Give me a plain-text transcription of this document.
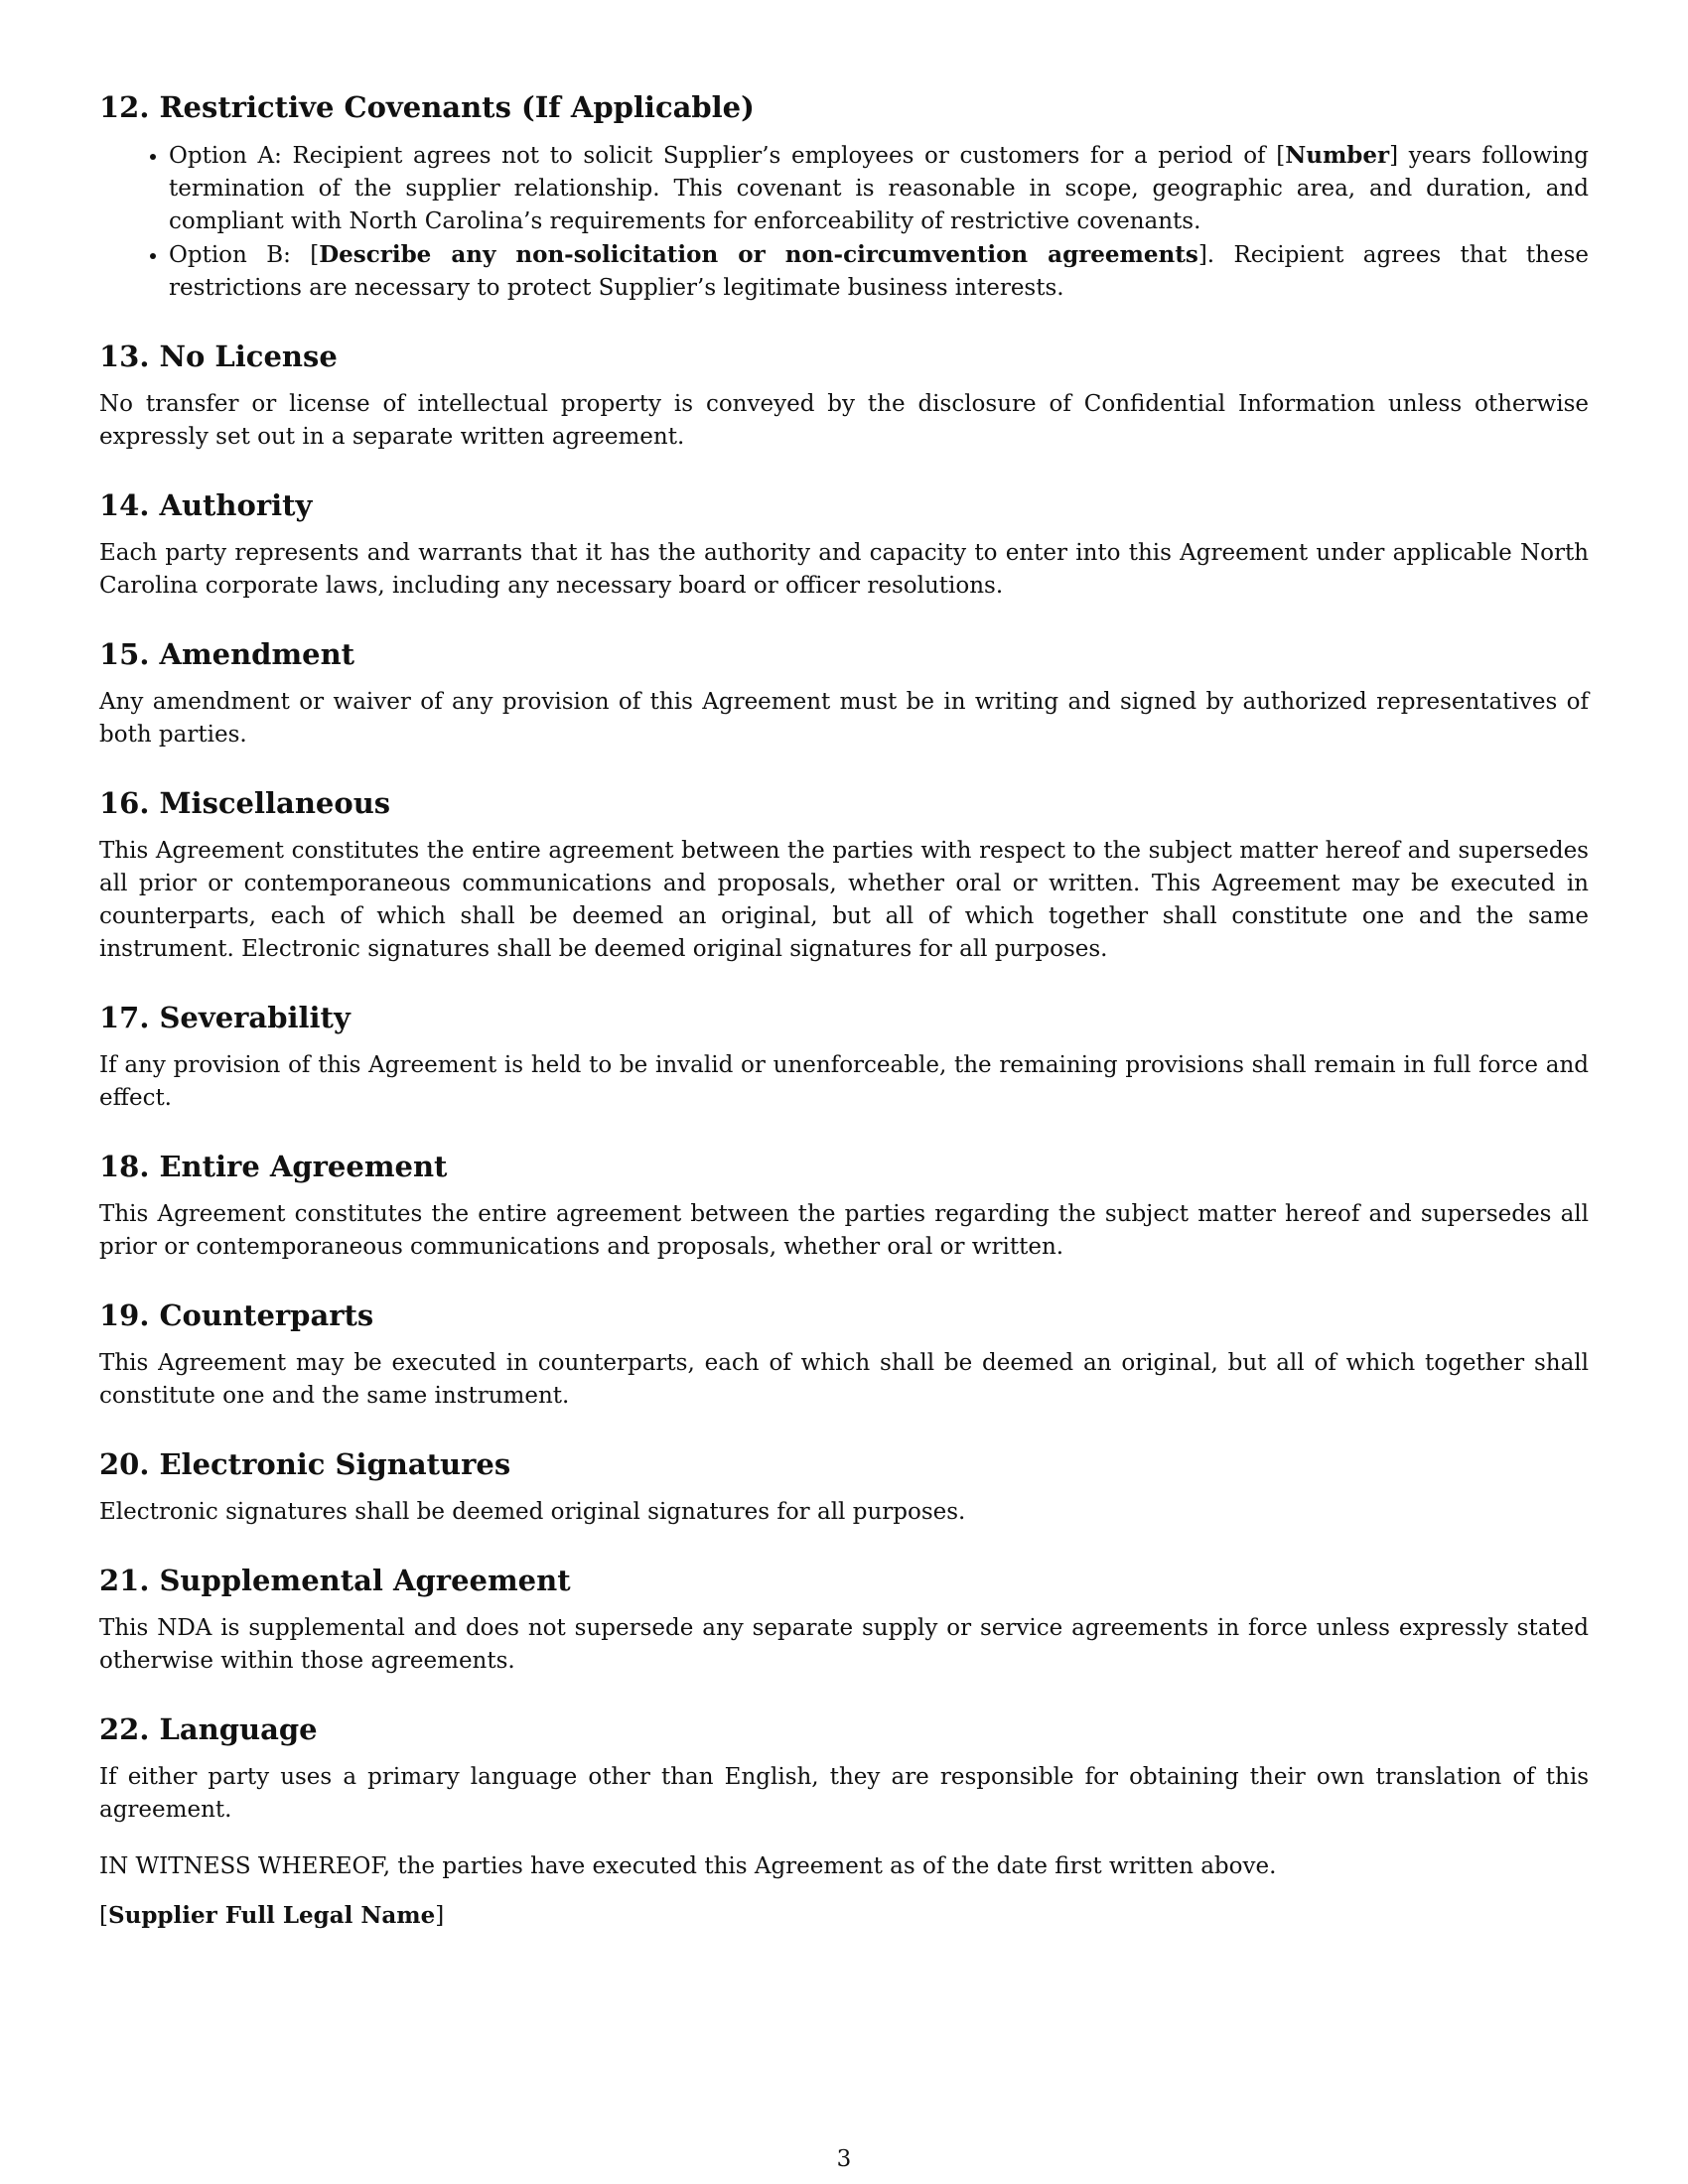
12. Restrictive Covenants (If Applicable)
• Option A: Recipient agrees not to solicit Supplier’s employees or customers for a period of [Number] years following termination of the supplier relationship. This covenant is reasonable in scope, geographic area, and duration, and compliant with North Carolina’s requirements for enforceability of restrictive covenants.
• Option B: [Describe any non-solicitation or non-circumvention agreements]. Recipient agrees that these restrictions are necessary to protect Supplier’s legitimate business interests.
13. No License

No transfer or license of intellectual property is conveyed by the disclosure of Confidential Information unless otherwise expressly set out in a separate written agreement.

14. Authority

Each party represents and warrants that it has the authority and capacity to enter into this Agreement under applicable North Carolina corporate laws, including any necessary board or officer resolutions.

15. Amendment

Any amendment or waiver of any provision of this Agreement must be in writing and signed by authorized representatives of both parties.

16. Miscellaneous

This Agreement constitutes the entire agreement between the parties with respect to the subject matter hereof and supersedes all prior or contemporaneous communications and proposals, whether oral or written. This Agreement may be executed in counterparts, each of which shall be deemed an original, but all of which together shall constitute one and the same instrument. Electronic signatures shall be deemed original signatures for all purposes.

17. Severability

If any provision of this Agreement is held to be invalid or unenforceable, the remaining provisions shall remain in full force and effect.

18. Entire Agreement

This Agreement constitutes the entire agreement between the parties regarding the subject matter hereof and supersedes all prior or contemporaneous communications and proposals, whether oral or written.

19. Counterparts

This Agreement may be executed in counterparts, each of which shall be deemed an original, but all of which together shall constitute one and the same instrument.

20. Electronic Signatures

Electronic signatures shall be deemed original signatures for all purposes.

21. Supplemental Agreement

This NDA is supplemental and does not supersede any separate supply or service agreements in force unless expressly stated otherwise within those agreements.

22. Language

If either party uses a primary language other than English, they are responsible for obtaining their own translation of this agreement.

IN WITNESS WHEREOF, the parties have executed this Agreement as of the date first written above.

[Supplier Full Legal Name]

3
